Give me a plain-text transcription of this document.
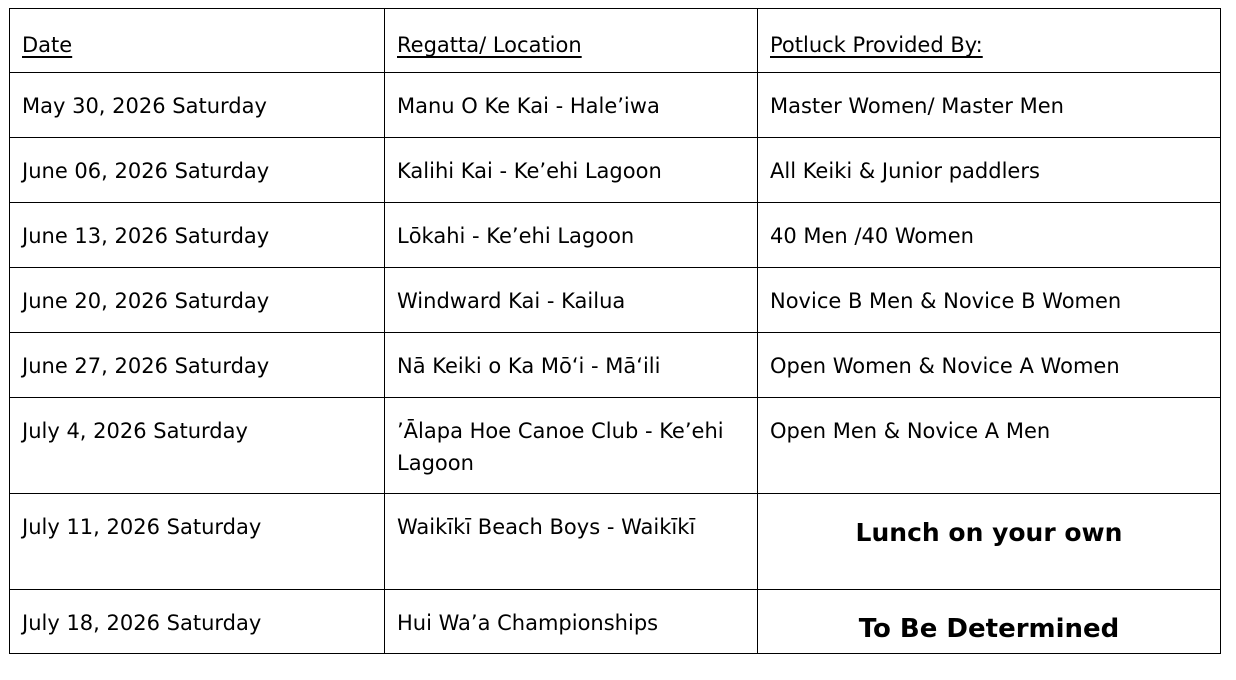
Date	Regatta/ Location	Potluck Provided By:
May 30, 2026 Saturday	Manu O Ke Kai - Hale’iwa	Master Women/ Master Men
June 06, 2026 Saturday	Kalihi Kai - Ke’ehi Lagoon	All Keiki & Junior paddlers
June 13, 2026 Saturday	Lōkahi - Ke’ehi Lagoon	40 Men /40 Women
June 20, 2026 Saturday	Windward Kai - Kailua	Novice B Men & Novice B Women
June 27, 2026 Saturday	Nā Keiki o Ka Mōʻi - Māʻili	Open Women & Novice A Women
July 4, 2026 Saturday	’Ālapa Hoe Canoe Club - Ke’ehi Lagoon	Open Men & Novice A Men
July 11, 2026 Saturday	Waikīkī Beach Boys - Waikīkī	Lunch on your own

July 18, 2026 Saturday	Hui Wa’a Championships	To Be Determined
